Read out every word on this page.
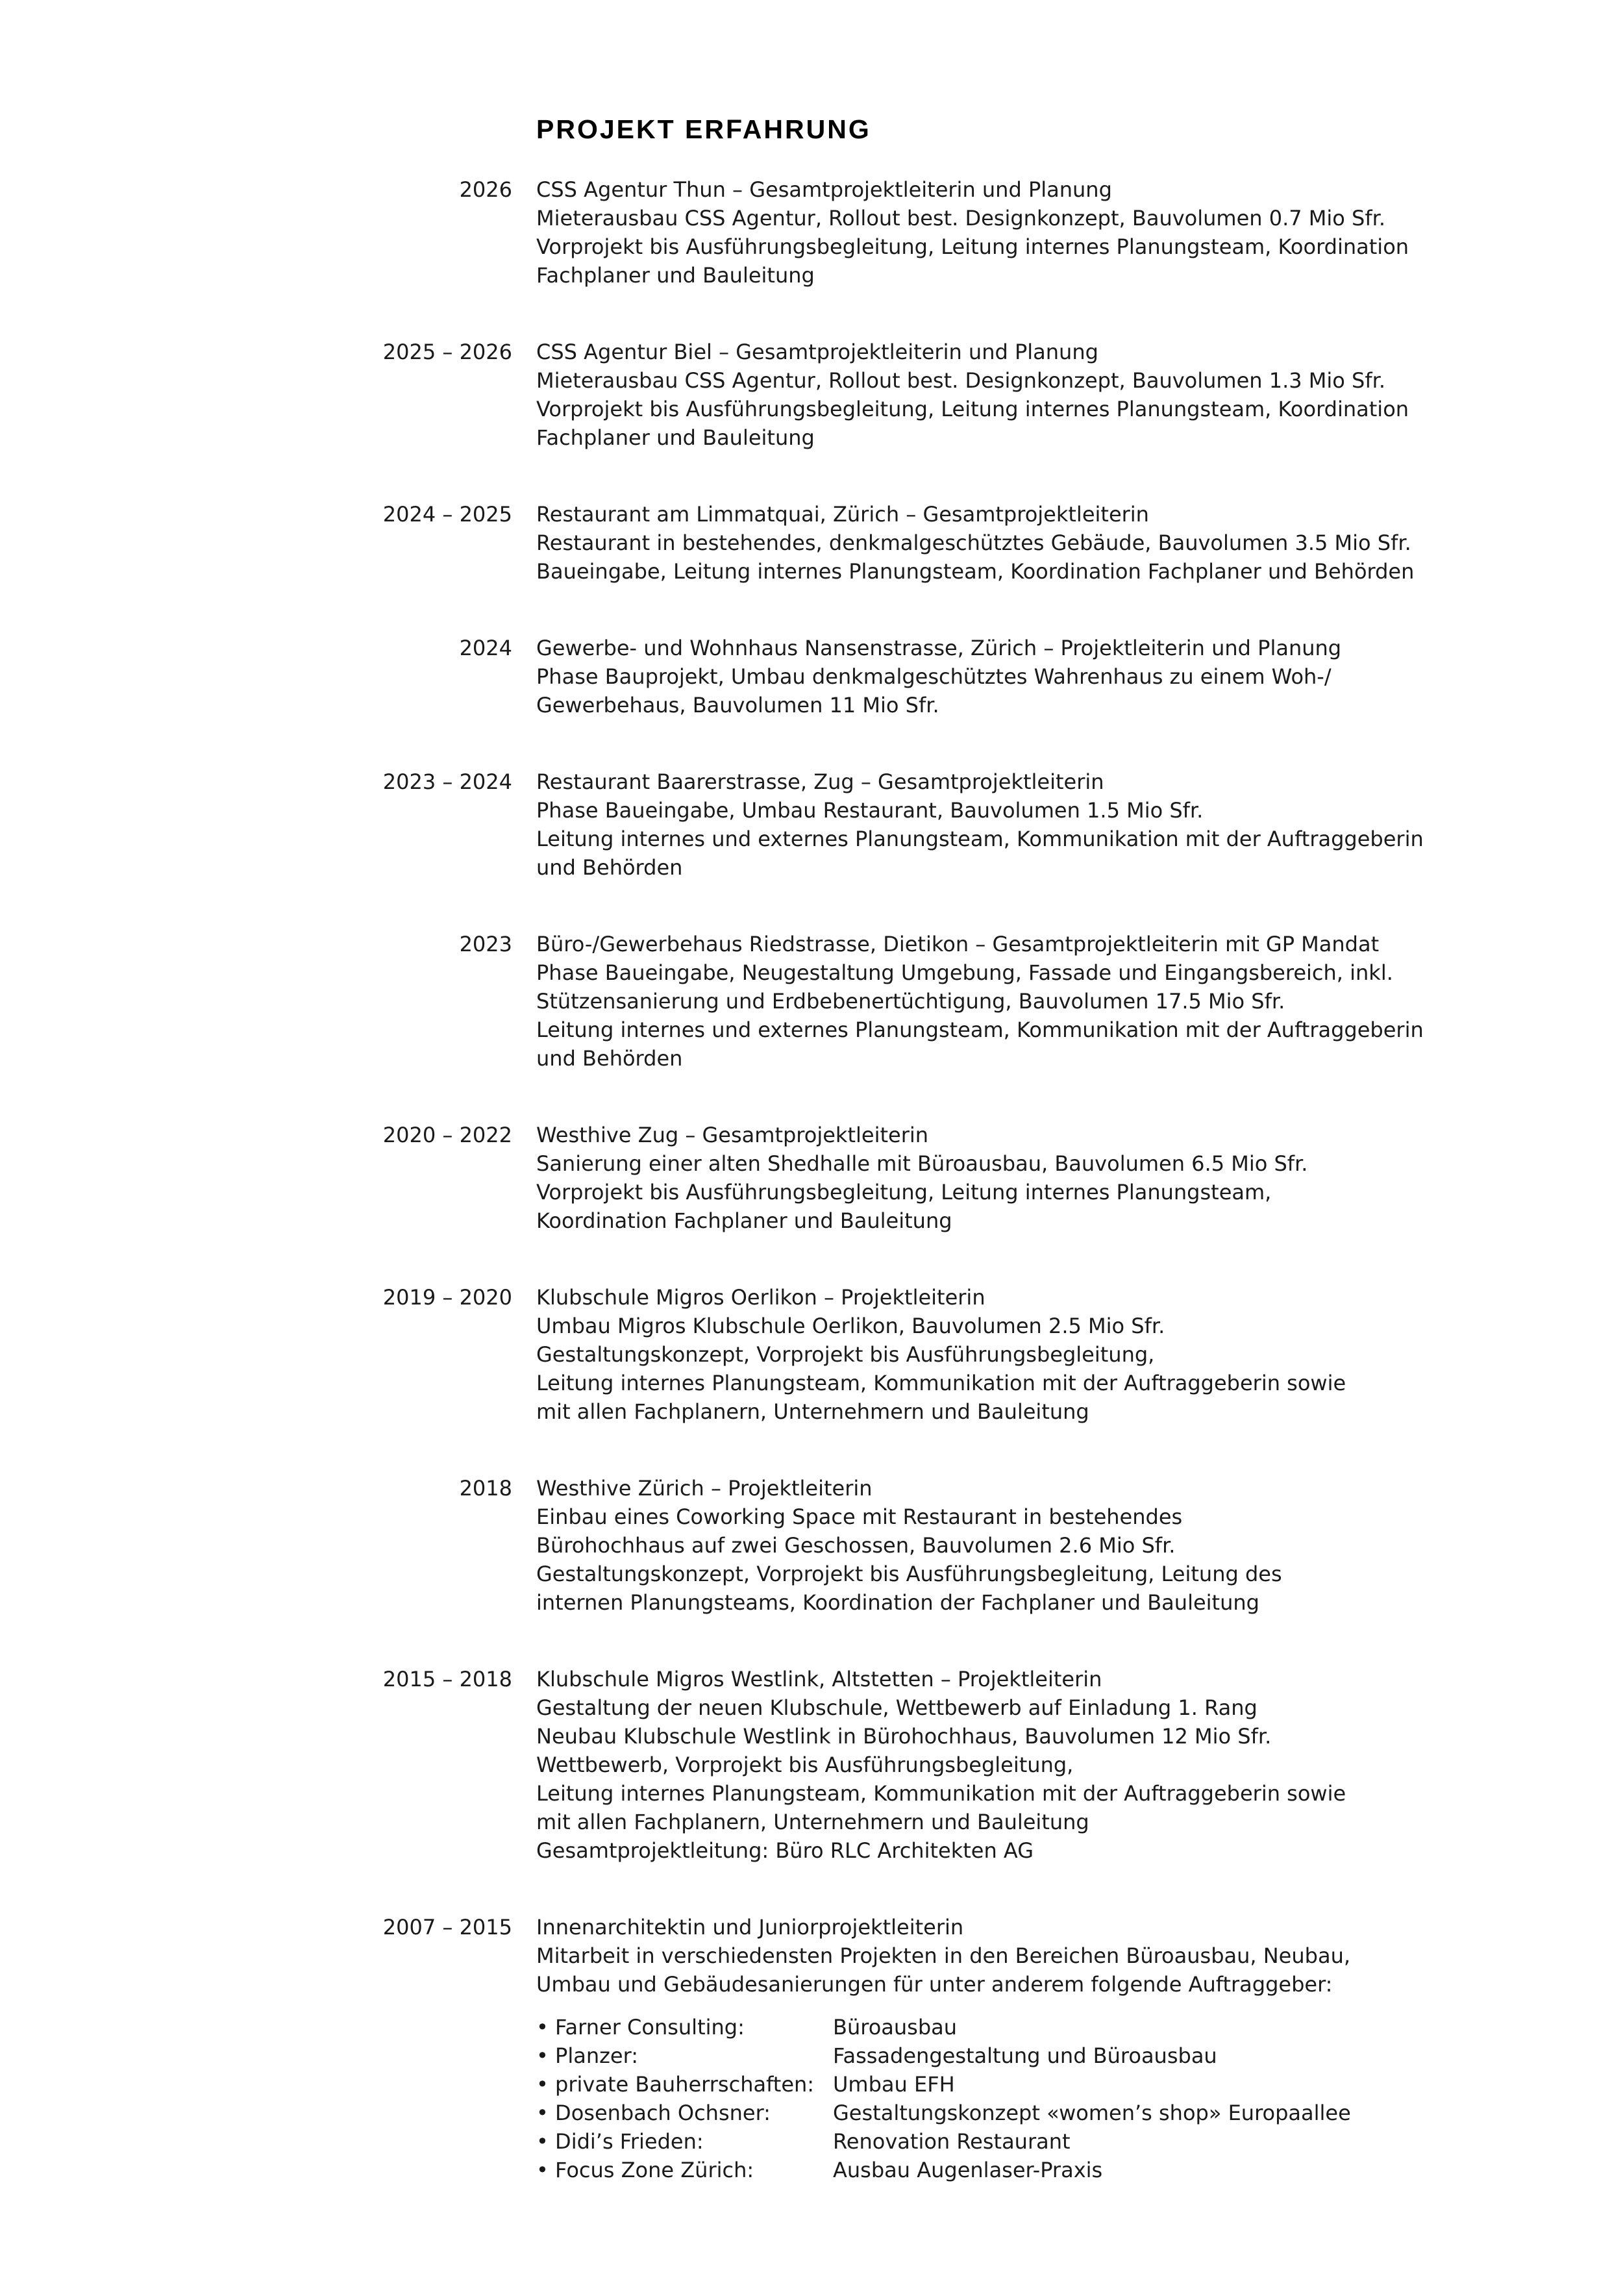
PROJEKT ERFAHRUNG
2026 CSS Agentur Thun – Gesamtprojektleiterin und Planung
Mieterausbau CSS Agentur, Rollout best. Designkonzept, Bauvolumen 0.7 Mio Sfr.
Vorprojekt bis Ausführungsbegleitung, Leitung internes Planungsteam, Koordination
Fachplaner und Bauleitung
2025 – 2026 CSS Agentur Biel – Gesamtprojektleiterin und Planung
Mieterausbau CSS Agentur, Rollout best. Designkonzept, Bauvolumen 1.3 Mio Sfr.
Vorprojekt bis Ausführungsbegleitung, Leitung internes Planungsteam, Koordination
Fachplaner und Bauleitung
2024 – 2025 Restaurant am Limmatquai, Zürich – Gesamtprojektleiterin
Restaurant in bestehendes, denkmalgeschütztes Gebäude, Bauvolumen 3.5 Mio Sfr.
Baueingabe, Leitung internes Planungsteam, Koordination Fachplaner und Behörden
2024 Gewerbe- und Wohnhaus Nansenstrasse, Zürich – Projektleiterin und Planung
Phase Bauprojekt, Umbau denkmalgeschütztes Wahrenhaus zu einem Woh-/
Gewerbehaus, Bauvolumen 11 Mio Sfr.
2023 – 2024 Restaurant Baarerstrasse, Zug – Gesamtprojektleiterin
Phase Baueingabe, Umbau Restaurant, Bauvolumen 1.5 Mio Sfr.
Leitung internes und externes Planungsteam, Kommunikation mit der Auftraggeberin
und Behörden
2023 Büro-/Gewerbehaus Riedstrasse, Dietikon – Gesamtprojektleiterin mit GP Mandat
Phase Baueingabe, Neugestaltung Umgebung, Fassade und Eingangsbereich, inkl.
Stützensanierung und Erdbebenertüchtigung, Bauvolumen 17.5 Mio Sfr.
Leitung internes und externes Planungsteam, Kommunikation mit der Auftraggeberin
und Behörden
2020 – 2022 Westhive Zug – Gesamtprojektleiterin
Sanierung einer alten Shedhalle mit Büroausbau, Bauvolumen 6.5 Mio Sfr.
Vorprojekt bis Ausführungsbegleitung, Leitung internes Planungsteam,
Koordination Fachplaner und Bauleitung
2019 – 2020 Klubschule Migros Oerlikon – Projektleiterin
Umbau Migros Klubschule Oerlikon, Bauvolumen 2.5 Mio Sfr.
Gestaltungskonzept, Vorprojekt bis Ausführungsbegleitung,
Leitung internes Planungsteam, Kommunikation mit der Auftraggeberin sowie
mit allen Fachplanern, Unternehmern und Bauleitung
2018 Westhive Zürich – Projektleiterin
Einbau eines Coworking Space mit Restaurant in bestehendes
Bürohochhaus auf zwei Geschossen, Bauvolumen 2.6 Mio Sfr.
Gestaltungskonzept, Vorprojekt bis Ausführungsbegleitung, Leitung des
internen Planungsteams, Koordination der Fachplaner und Bauleitung
2015 – 2018 Klubschule Migros Westlink, Altstetten – Projektleiterin
Gestaltung der neuen Klubschule, Wettbewerb auf Einladung 1. Rang
Neubau Klubschule Westlink in Bürohochhaus, Bauvolumen 12 Mio Sfr.
Wettbewerb, Vorprojekt bis Ausführungsbegleitung,
Leitung internes Planungsteam, Kommunikation mit der Auftraggeberin sowie
mit allen Fachplanern, Unternehmern und Bauleitung
Gesamtprojektleitung: Büro RLC Architekten AG
2007 – 2015 Innenarchitektin und Juniorprojektleiterin
Mitarbeit in verschiedensten Projekten in den Bereichen Büroausbau, Neubau,
Umbau und Gebäudesanierungen für unter anderem folgende Auftraggeber:
• Farner Consulting:	Büroausbau
• Planzer:	Fassadengestaltung und Büroausbau
• private Bauherrschaften: Umbau EFH
• Dosenbach Ochsner:	Gestaltungskonzept «women’s shop» Europaallee
• Didi’s Frieden:	Renovation Restaurant
• Focus Zone Zürich:	Ausbau Augenlaser-Praxis
